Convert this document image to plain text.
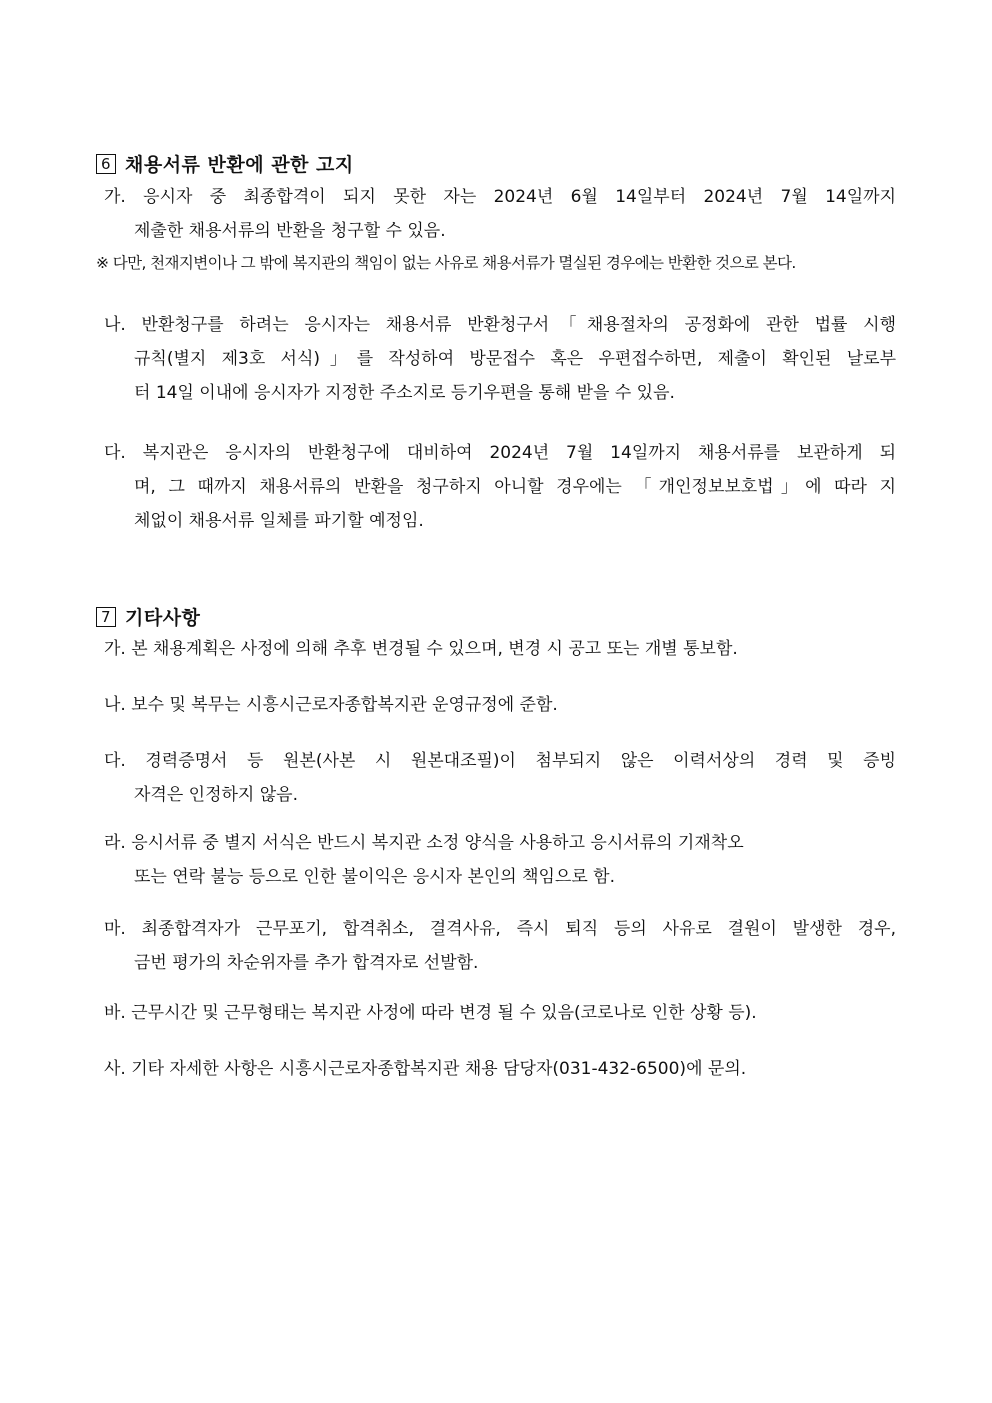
6 채용서류 반환에 관한 고지
가. 응시자 중 최종합격이 되지 못한 자는 2024년 6월 14일부터 2024년 7월 14일까지
제출한 채용서류의 반환을 청구할 수 있음.
※ 다만, 천재지변이나 그 밖에 복지관의 책임이 없는 사유로 채용서류가 멸실된 경우에는 반환한 것으로 본다.
나. 반환청구를 하려는 응시자는 채용서류 반환청구서「채용절차의 공정화에 관한 법률 시행
규칙(별지 제3호 서식)」를 작성하여 방문접수 혹은 우편접수하면, 제출이 확인된 날로부
터 14일 이내에 응시자가 지정한 주소지로 등기우편을 통해 받을 수 있음.
다. 복지관은 응시자의 반환청구에 대비하여 2024년 7월 14일까지 채용서류를 보관하게 되
며, 그 때까지 채용서류의 반환을 청구하지 아니할 경우에는 「개인정보보호법」에 따라 지
체없이 채용서류 일체를 파기할 예정임.
7 기타사항
가. 본 채용계획은 사정에 의해 추후 변경될 수 있으며, 변경 시 공고 또는 개별 통보함.
나. 보수 및 복무는 시흥시근로자종합복지관 운영규정에 준함.
다. 경력증명서 등 원본(사본 시 원본대조필)이 첨부되지 않은 이력서상의 경력 및 증빙
자격은 인정하지 않음.
라. 응시서류 중 별지 서식은 반드시 복지관 소정 양식을 사용하고 응시서류의 기재착오
또는 연락 불능 등으로 인한 불이익은 응시자 본인의 책임으로 함.
마. 최종합격자가 근무포기, 합격취소, 결격사유, 즉시 퇴직 등의 사유로 결원이 발생한 경우,
금번 평가의 차순위자를 추가 합격자로 선발함.
바. 근무시간 및 근무형태는 복지관 사정에 따라 변경 될 수 있음(코로나로 인한 상황 등).
사. 기타 자세한 사항은 시흥시근로자종합복지관 채용 담당자(031-432-6500)에 문의.
